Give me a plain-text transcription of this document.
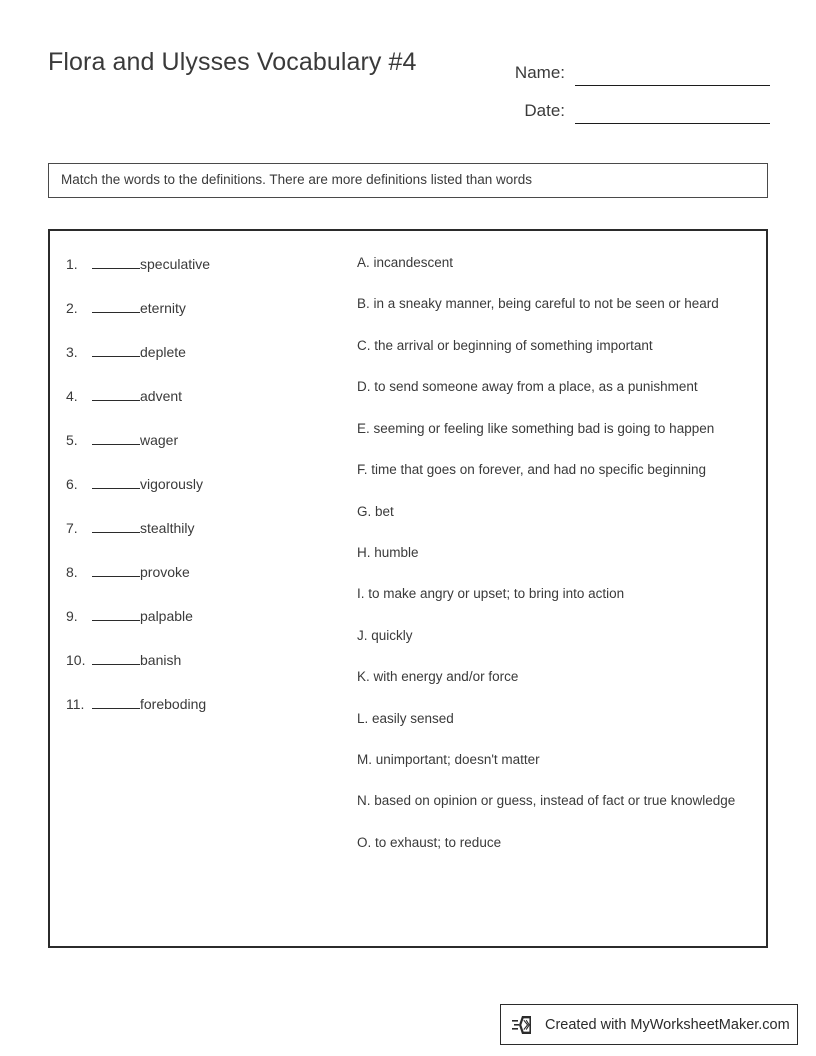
Flora and Ulysses Vocabulary #4	Name:
Date:
Match the words to the definitions. There are more definitions listed than words
1.	speculative
2.	eternity
3.	deplete
4.	advent
5.	wager
6.	vigorously
7.	stealthily
8.	provoke
9.	palpable
10.	banish
11.	foreboding
A. incandescent
B. in a sneaky manner, being careful to not be seen or heard
C. the arrival or beginning of something important
D. to send someone away from a place, as a punishment
E. seeming or feeling like something bad is going to happen
F. time that goes on forever, and had no specific beginning
G. bet
H. humble
I. to make angry or upset; to bring into action
J. quickly
K. with energy and/or force
L. easily sensed
M. unimportant; doesn't matter
N. based on opinion or guess, instead of fact or true knowledge
O. to exhaust; to reduce
Created with MyWorksheetMaker.com
